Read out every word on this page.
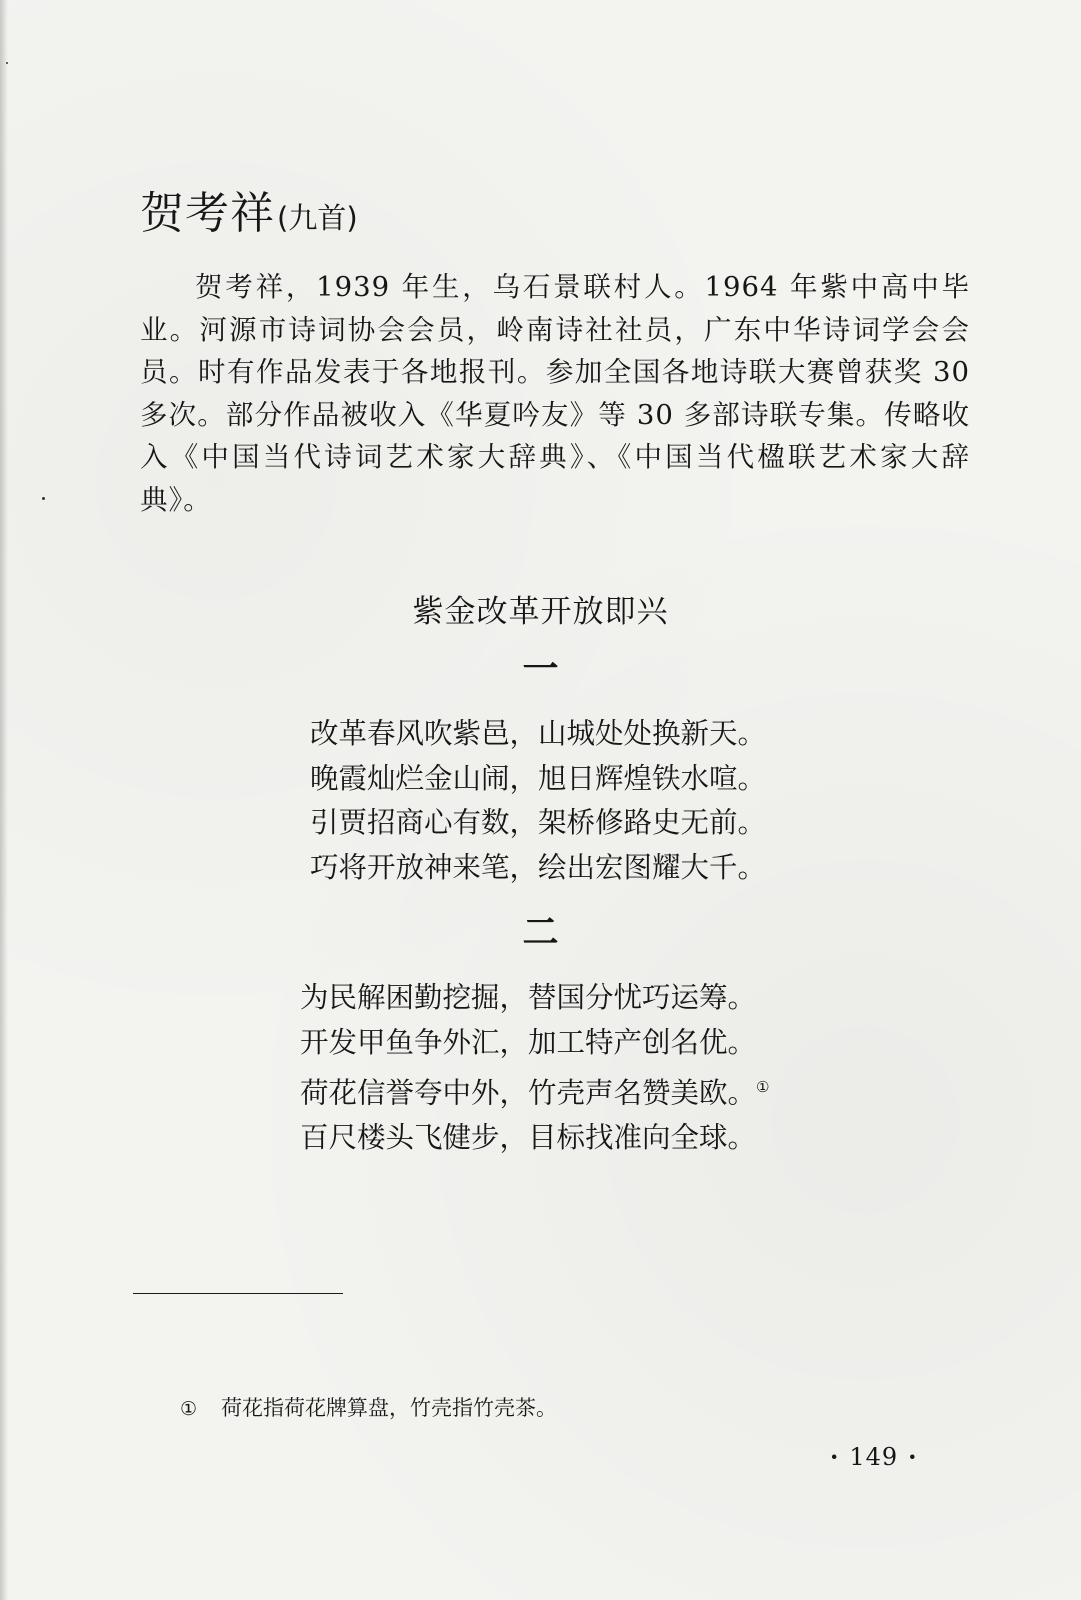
贺考祥(九首)

贺考祥，1939 年生，乌石景联村人。1964 年紫中高中毕业。河源市诗词协会会员，岭南诗社社员，广东中华诗词学会会员。时有作品发表于各地报刊。参加全国各地诗联大赛曾获奖 30 多次。部分作品被收入《华夏吟友》等 30 多部诗联专集。传略收入《中国当代诗词艺术家大辞典》、《中国当代楹联艺术家大辞典》。

紫金改革开放即兴
一
改革春风吹紫邑，山城处处换新天。
晚霞灿烂金山闹，旭日辉煌铁水喧。
引贾招商心有数，架桥修路史无前。
巧将开放神来笔，绘出宏图耀大千。
二
为民解困勤挖掘，替国分忧巧运筹。
开发甲鱼争外汇，加工特产创名优。
荷花信誉夸中外，竹壳声名赞美欧。①
百尺楼头飞健步，目标找准向全球。
① 荷花指荷花牌算盘，竹壳指竹壳茶。
· 149 ·
